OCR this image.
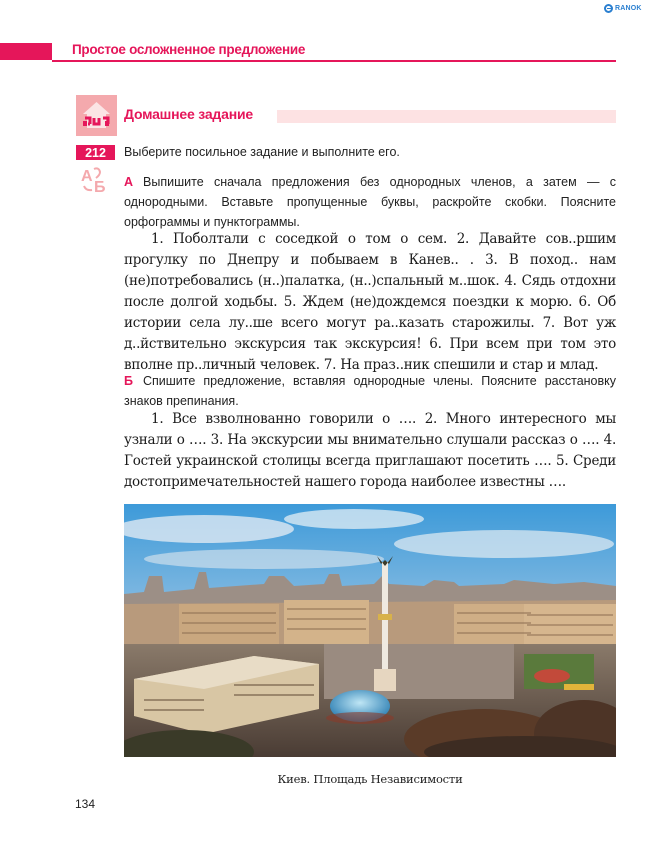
RANOK
Простое осложненное предложение
Домашнее задание
212	Выберите посильное задание и выполните его.
А
Б А Выпишите сначала предложения без однородных членов, а затем — с однородными. Вставьте пропущенные буквы, раскройте скобки. Поясните орфограммы и пунктограммы.
1. Поболтали с соседкой о том о сем. 2. Давайте сов..ршим прогулку по Днепру и побываем в Канев.. . 3. В поход.. нам (не)потребовались (н..)палатка, (н..)спальный м..шок. 4. Сядь отдохни после долгой ходьбы. 5. Ждем (не)дождемся поездки к морю. 6. Об истории села лу..ше всего могут ра..казать старожилы. 7. Вот уж д..йствительно экскурсия так экскурсия! 6. При всем при том это вполне пр..личный человек. 7. На праз..ник спешили и стар и млад.
Б Спишите предложение, вставляя однородные члены. Поясните расстановку знаков препинания.
1. Все взволнованно говорили о …. 2. Много интересного мы узнали о …. 3. На экскурсии мы внимательно слушали рассказ о …. 4. Гостей украинской столицы всегда приглашают посетить …. 5. Среди достопримечательностей нашего города наиболее известны ….
Киев. Площадь Независимости
134
